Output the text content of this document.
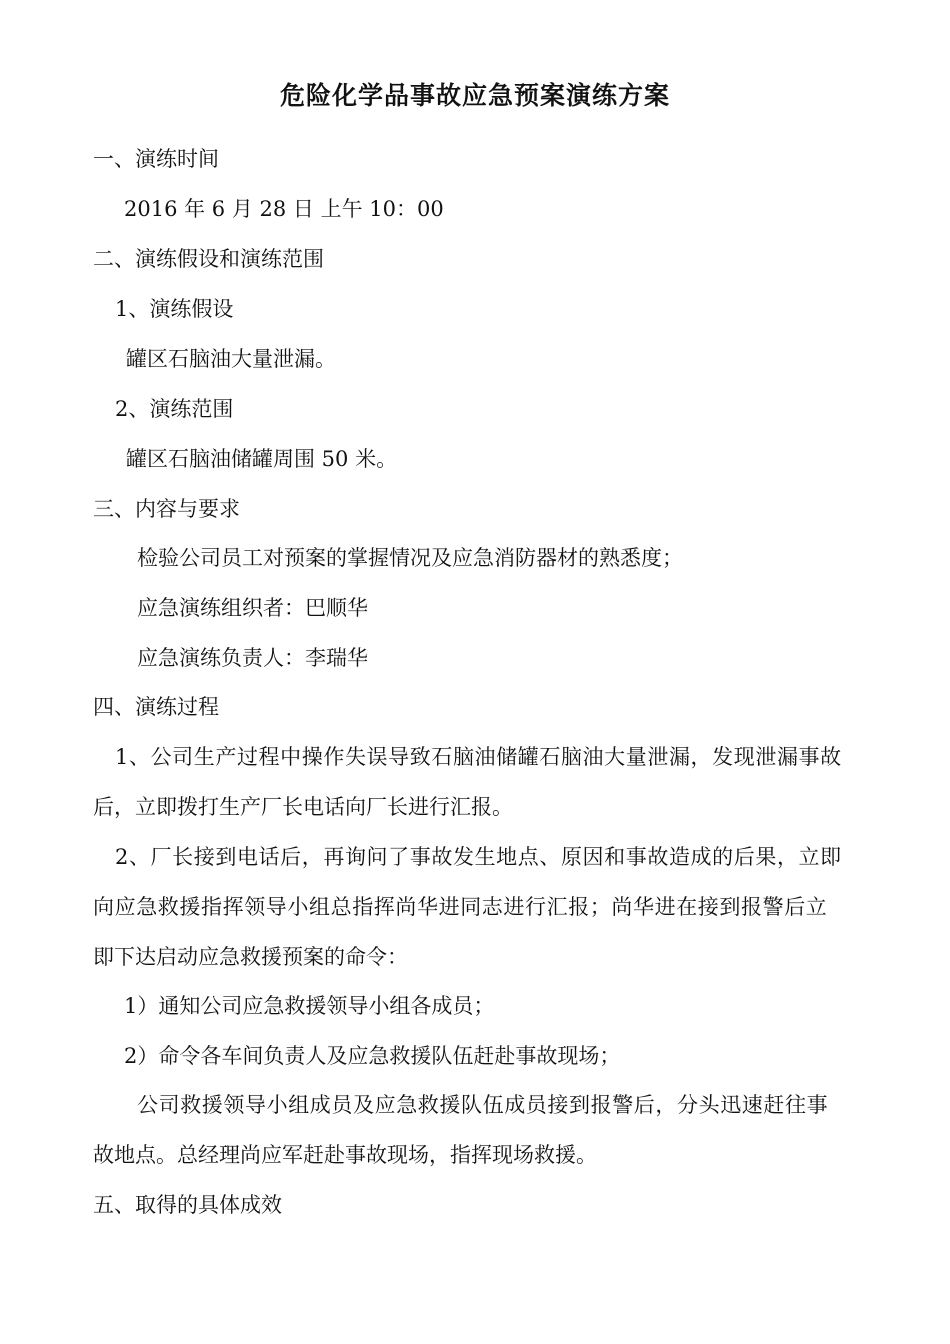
危险化学品事故应急预案演练方案
一、演练时间
2016 年 6 月 28 日 上午 10：00
二、演练假设和演练范围
1、演练假设
罐区石脑油大量泄漏。
2、演练范围
罐区石脑油储罐周围 50 米。
三、内容与要求
检验公司员工对预案的掌握情况及应急消防器材的熟悉度；
应急演练组织者：巴顺华
应急演练负责人：李瑞华
四、演练过程
1、公司生产过程中操作失误导致石脑油储罐石脑油大量泄漏，发现泄漏事故
后，立即拨打生产厂长电话向厂长进行汇报。
2、厂长接到电话后，再询问了事故发生地点、原因和事故造成的后果，立即
向应急救援指挥领导小组总指挥尚华进同志进行汇报；尚华进在接到报警后立
即下达启动应急救援预案的命令：
1）通知公司应急救援领导小组各成员；
2）命令各车间负责人及应急救援队伍赶赴事故现场；
公司救援领导小组成员及应急救援队伍成员接到报警后，分头迅速赶往事
故地点。总经理尚应军赶赴事故现场，指挥现场救援。
五、取得的具体成效
